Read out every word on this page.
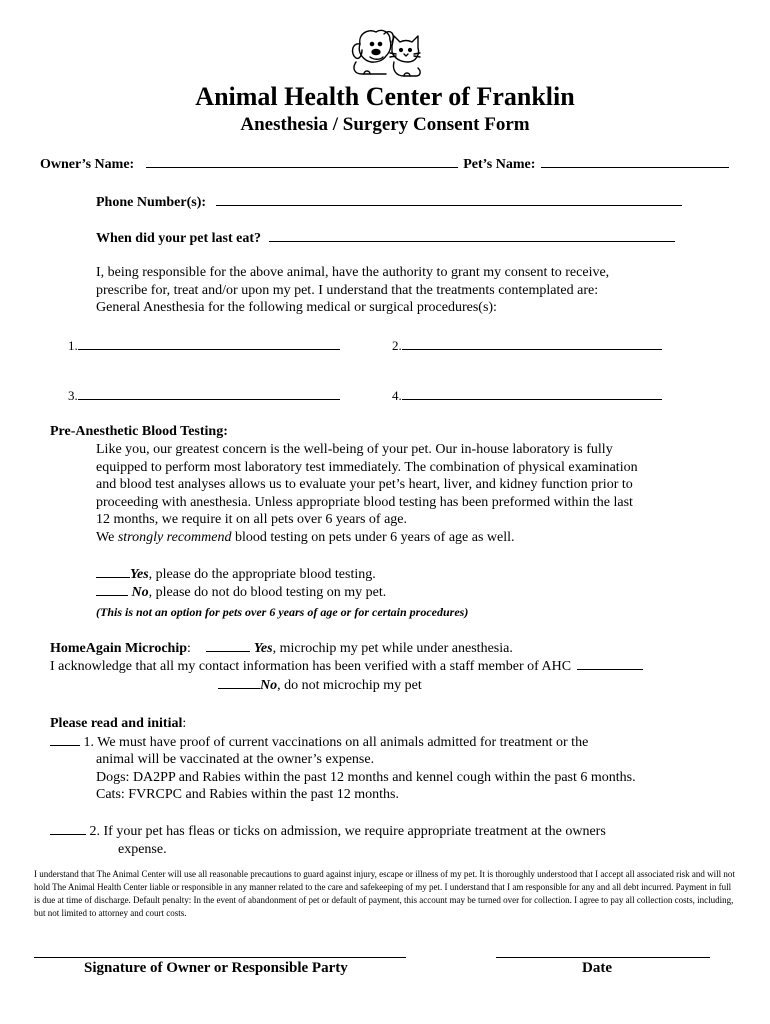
Animal Health Center of Franklin
Anesthesia / Surgery Consent Form
Owner’s Name:	Pet’s Name:
Phone Number(s):
When did your pet last eat?
I, being responsible for the above animal, have the authority to grant my consent to receive,
prescribe for, treat and/or upon my pet. I understand that the treatments contemplated are:
General Anesthesia for the following medical or surgical procedures(s):
1.	2.
3.	4.
Pre-Anesthetic Blood Testing:
Like you, our greatest concern is the well-being of your pet. Our in-house laboratory is fully
equipped to perform most laboratory test immediately. The combination of physical examination
and blood test analyses allows us to evaluate your pet’s heart, liver, and kidney function prior to
proceeding with anesthesia. Unless appropriate blood testing has been preformed within the last
12 months, we require it on all pets over 6 years of age.
We strongly recommend blood testing on pets under 6 years of age as well.
Yes, please do the appropriate blood testing.
No, please do not do blood testing on my pet.
(This is not an option for pets over 6 years of age or for certain procedures)
HomeAgain Microchip:	Yes, microchip my pet while under anesthesia.
I acknowledge that all my contact information has been verified with a staff member of AHC
No, do not microchip my pet
Please read and initial:
1. We must have proof of current vaccinations on all animals admitted for treatment or the
animal will be vaccinated at the owner’s expense.
Dogs: DA2PP and Rabies within the past 12 months and kennel cough within the past 6 months.
Cats: FVRCPC and Rabies within the past 12 months.
2. If your pet has fleas or ticks on admission, we require appropriate treatment at the owners
expense.
I understand that The Animal Center will use all reasonable precautions to guard against injury, escape or illness of my pet. It is thoroughly understood that I accept all associated risk and will not hold The Animal Health Center liable or responsible in any manner related to the care and safekeeping of my pet. I understand that I am responsible for any and all debt incurred. Payment in full is due at time of discharge. Default penalty: In the event of abandonment of pet or default of payment, this account may be turned over for collection. I agree to pay all collection costs, including, but not limited to attorney and court costs.
Signature of Owner or Responsible Party	Date
